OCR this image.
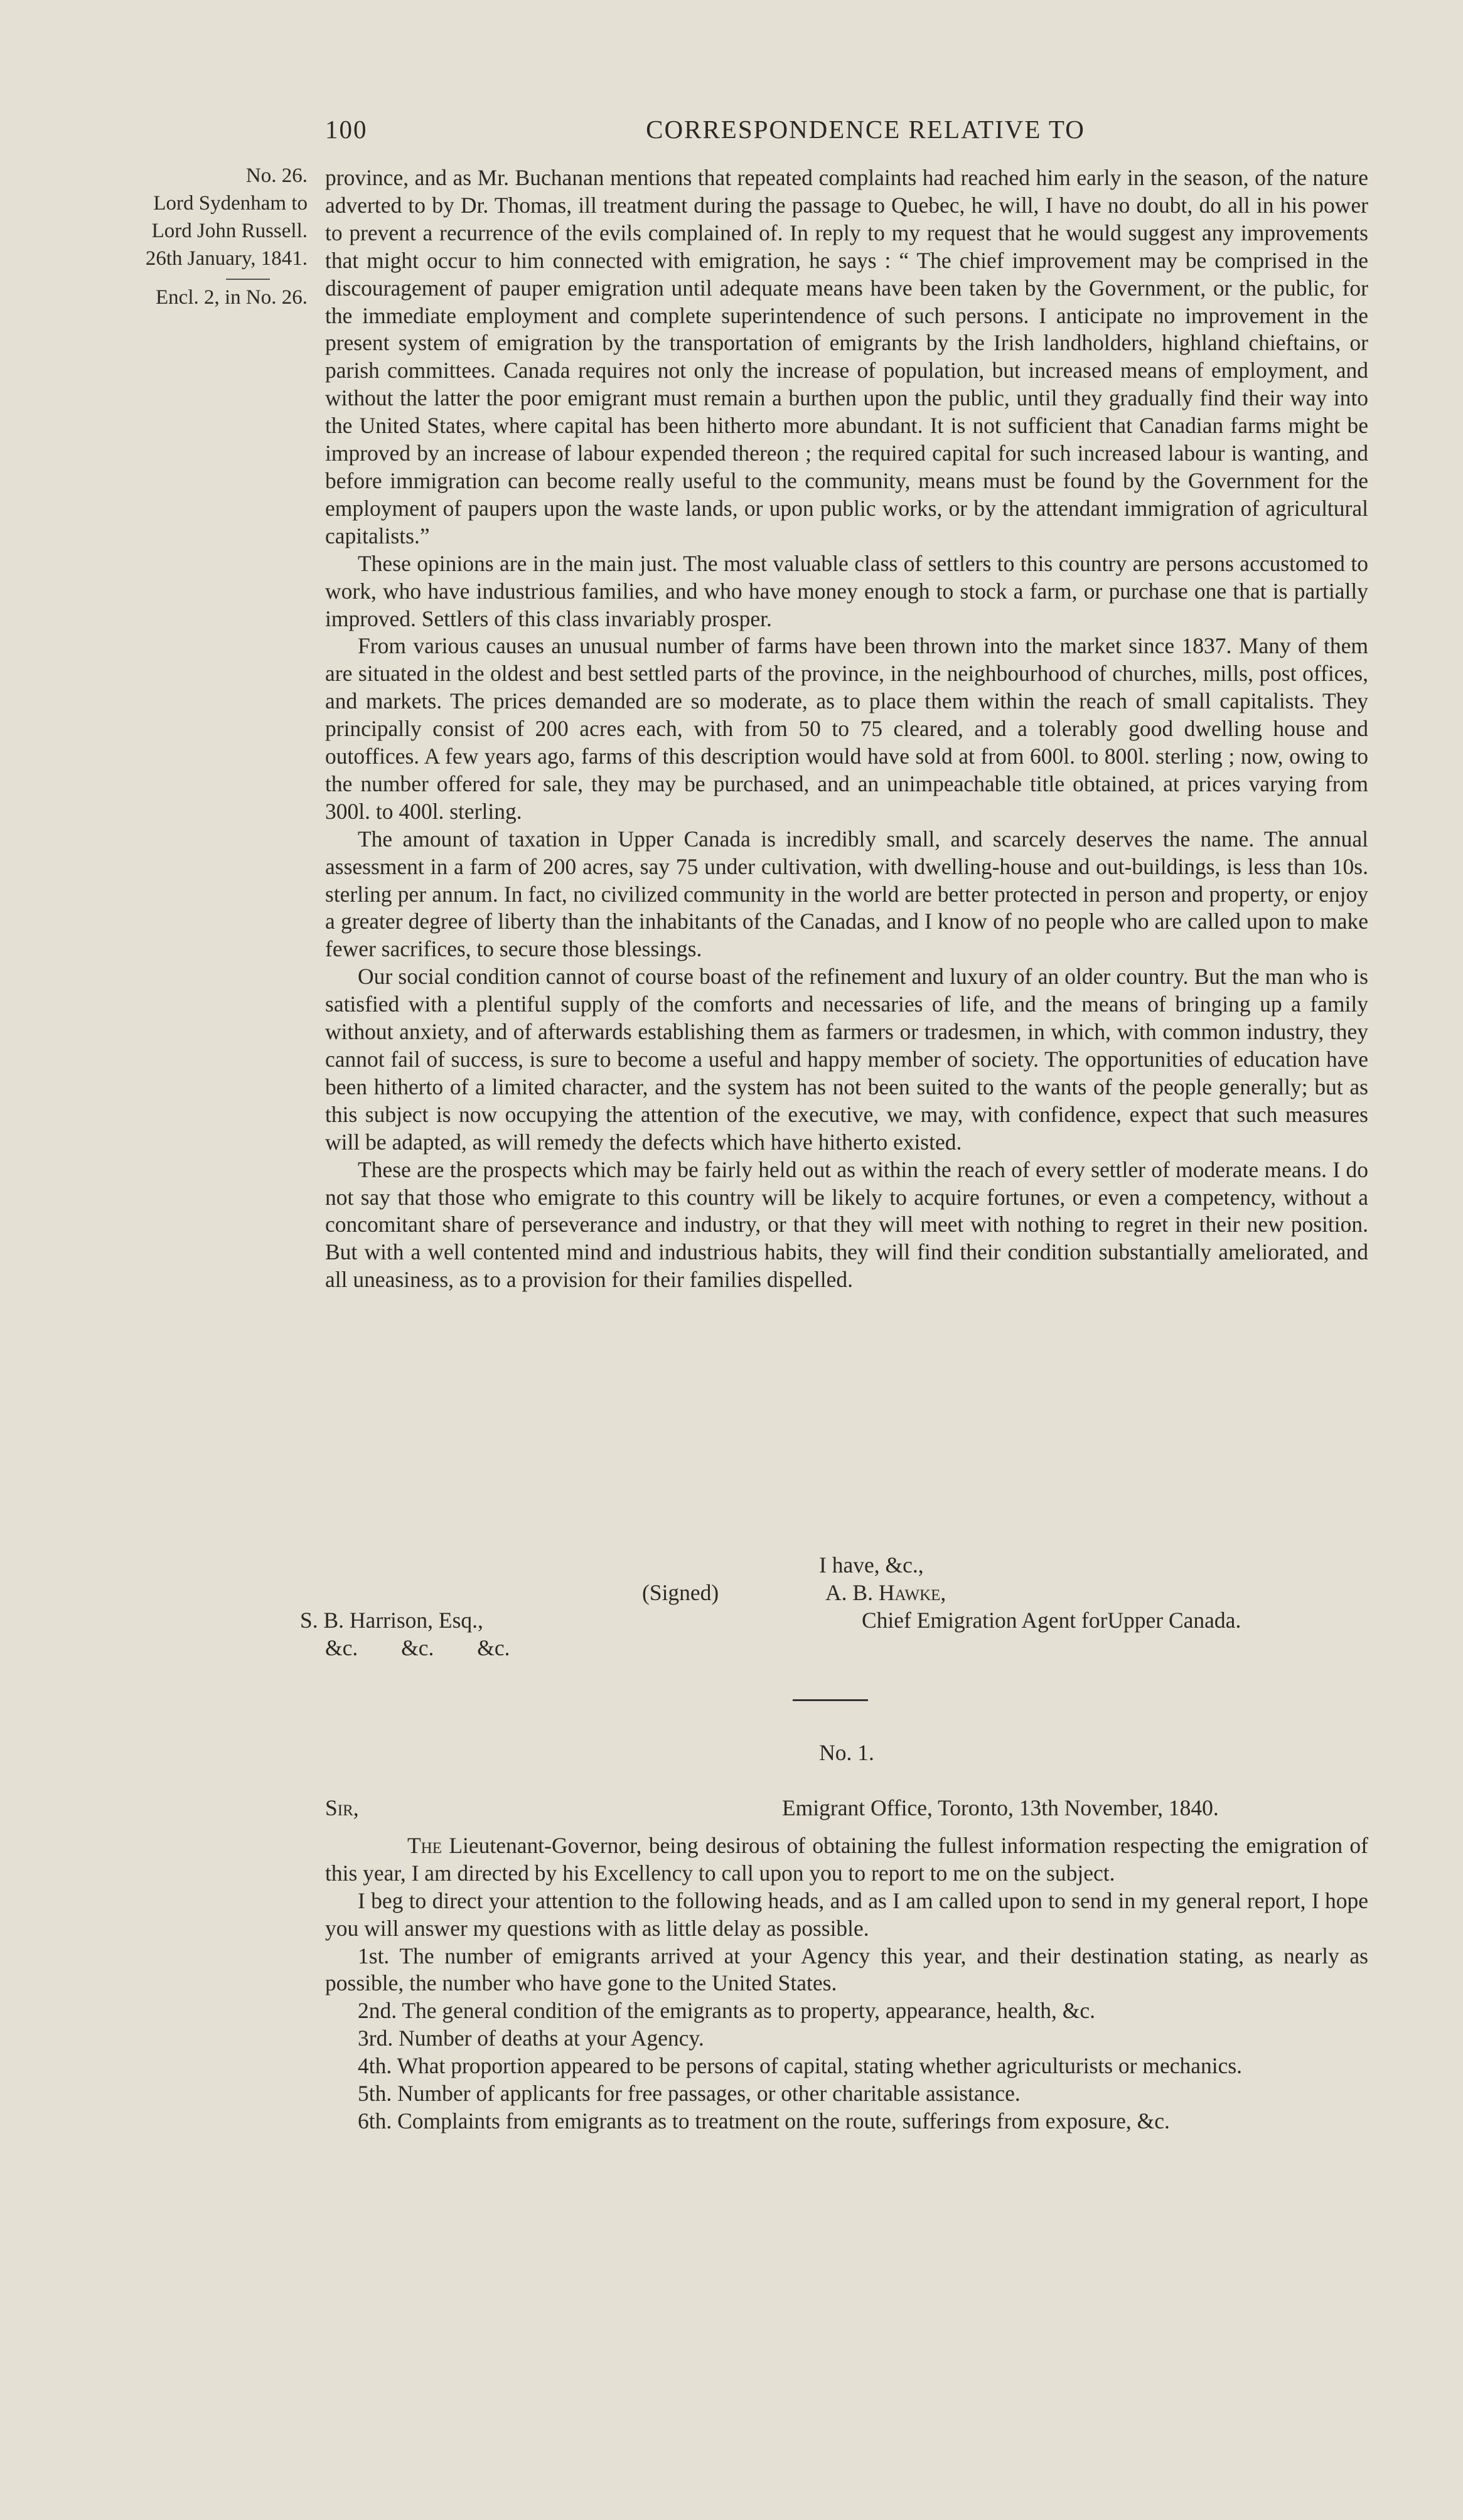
100	CORRESPONDENCE RELATIVE TO
No. 26.
Lord Sydenham to
Lord John Russell.
26th January, 1841.
Encl. 2, in No. 26.

province, and as Mr. Buchanan mentions that repeated complaints had reached him early in the season, of the nature adverted to by Dr. Thomas, ill treatment during the passage to Quebec, he will, I have no doubt, do all in his power to prevent a recurrence of the evils complained of. In reply to my request that he would suggest any improvements that might occur to him connected with emigration, he says : “ The chief improvement may be comprised in the discouragement of pauper emigration until adequate means have been taken by the Government, or the public, for the immediate employment and complete superintendence of such persons. I anticipate no improvement in the present system of emigration by the transportation of emigrants by the Irish landholders, highland chieftains, or parish committees. Canada requires not only the increase of population, but increased means of employment, and without the latter the poor emigrant must remain a burthen upon the public, until they gradually find their way into the United States, where capital has been hitherto more abundant. It is not sufficient that Canadian farms might be improved by an increase of labour expended thereon ; the required capital for such increased labour is wanting, and before immigration can become really useful to the community, means must be found by the Government for the employment of paupers upon the waste lands, or upon public works, or by the attendant immigration of agricultural capitalists.”

These opinions are in the main just. The most valuable class of settlers to this country are persons accustomed to work, who have industrious families, and who have money enough to stock a farm, or purchase one that is partially improved. Settlers of this class invariably prosper.

From various causes an unusual number of farms have been thrown into the market since 1837. Many of them are situated in the oldest and best settled parts of the province, in the neighbourhood of churches, mills, post offices, and markets. The prices demanded are so moderate, as to place them within the reach of small capitalists. They principally consist of 200 acres each, with from 50 to 75 cleared, and a tolerably good dwelling house and outoffices. A few years ago, farms of this description would have sold at from 600l. to 800l. sterling ; now, owing to the number offered for sale, they may be purchased, and an unimpeachable title obtained, at prices varying from 300l. to 400l. sterling.

The amount of taxation in Upper Canada is incredibly small, and scarcely deserves the name. The annual assessment in a farm of 200 acres, say 75 under cultivation, with dwelling-house and out-buildings, is less than 10s. sterling per annum. In fact, no civilized community in the world are better protected in person and property, or enjoy a greater degree of liberty than the inhabitants of the Canadas, and I know of no people who are called upon to make fewer sacrifices, to secure those blessings.

Our social condition cannot of course boast of the refinement and luxury of an older country. But the man who is satisfied with a plentiful supply of the comforts and necessaries of life, and the means of bringing up a family without anxiety, and of afterwards establishing them as farmers or tradesmen, in which, with common industry, they cannot fail of success, is sure to become a useful and happy member of society. The opportunities of education have been hitherto of a limited character, and the system has not been suited to the wants of the people generally; but as this subject is now occupying the attention of the executive, we may, with confidence, expect that such measures will be adapted, as will remedy the defects which have hitherto existed.

These are the prospects which may be fairly held out as within the reach of every settler of moderate means. I do not say that those who emigrate to this country will be likely to acquire fortunes, or even a competency, without a concomitant share of perseverance and industry, or that they will meet with nothing to regret in their new position. But with a well contented mind and industrious habits, they will find their condition substantially ameliorated, and all uneasiness, as to a provision for their families dispelled.

I have, &c.,
(Signed)	A. B. Hawke,
Chief Emigration Agent forUpper Canada.
S. B. Harrison, Esq.,
&c. &c. &c.
No. 1.
Sir,	Emigrant Office, Toronto, 13th November, 1840.

The Lieutenant-Governor, being desirous of obtaining the fullest information respecting the emigration of this year, I am directed by his Excellency to call upon you to report to me on the subject.

I beg to direct your attention to the following heads, and as I am called upon to send in my general report, I hope you will answer my questions with as little delay as possible.

1st. The number of emigrants arrived at your Agency this year, and their destination stating, as nearly as possible, the number who have gone to the United States.

2nd. The general condition of the emigrants as to property, appearance, health, &c.

3rd. Number of deaths at your Agency.

4th. What proportion appeared to be persons of capital, stating whether agriculturists or mechanics.

5th. Number of applicants for free passages, or other charitable assistance.

6th. Complaints from emigrants as to treatment on the route, sufferings from exposure, &c.
